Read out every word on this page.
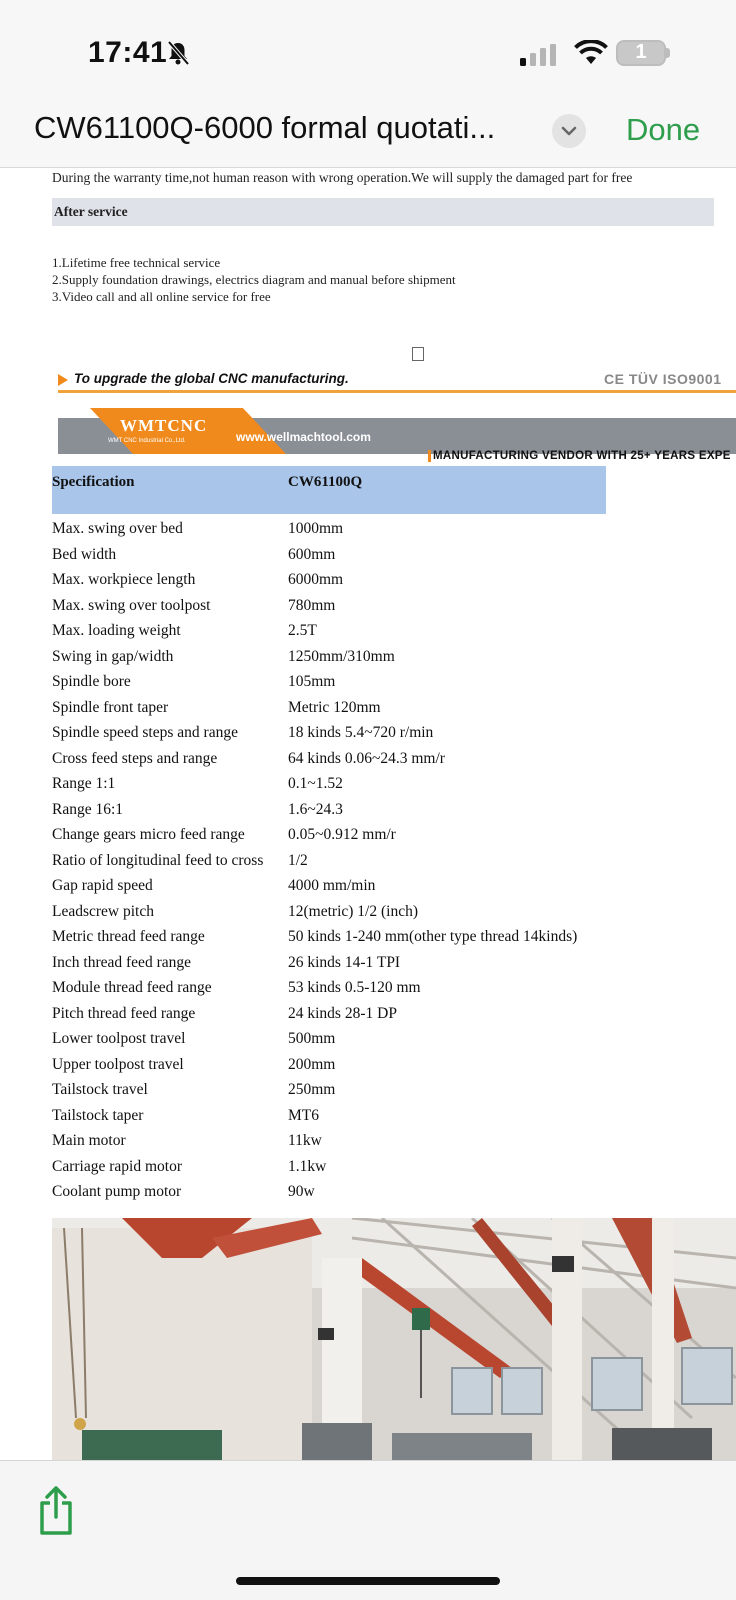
17:41	1
CW61100Q-6000 formal quotati...	Done
During the warranty time,not human reason with wrong operation.We will supply the damaged part for free
After service
1.Lifetime free technical service
2.Supply foundation drawings, electrics diagram and manual before shipment
3.Video call and all online service for free
To upgrade the global CNC manufacturing.	CE TÜV ISO9001
WMTCNC
WMT CNC Industrial Co.,Ltd.	www.wellmachtool.com
MANUFACTURING VENDOR WITH 25+ YEARS EXPE
Specification	CW61100Q
Max. swing over bed	1000mm
Bed width	600mm
Max. workpiece length	6000mm
Max. swing over toolpost	780mm
Max. loading weight	2.5T
Swing in gap/width	1250mm/310mm
Spindle bore	105mm
Spindle front taper	Metric 120mm
Spindle speed steps and range	18 kinds 5.4~720 r/min
Cross feed steps and range	64 kinds 0.06~24.3 mm/r
Range 1:1	0.1~1.52
Range 16:1	1.6~24.3
Change gears micro feed range	0.05~0.912 mm/r
Ratio of longitudinal feed to cross 1/2
Gap rapid speed	4000 mm/min
Leadscrew pitch	12(metric) 1/2 (inch)
Metric thread feed range	50 kinds 1-240 mm(other type thread 14kinds)
Inch thread feed range	26 kinds 14-1 TPI
Module thread feed range	53 kinds 0.5-120 mm
Pitch thread feed range	24 kinds 28-1 DP
Lower toolpost travel	500mm
Upper toolpost travel	200mm
Tailstock travel	250mm
Tailstock taper	MT6
Main motor	11kw
Carriage rapid motor	1.1kw
Coolant pump motor	90w
